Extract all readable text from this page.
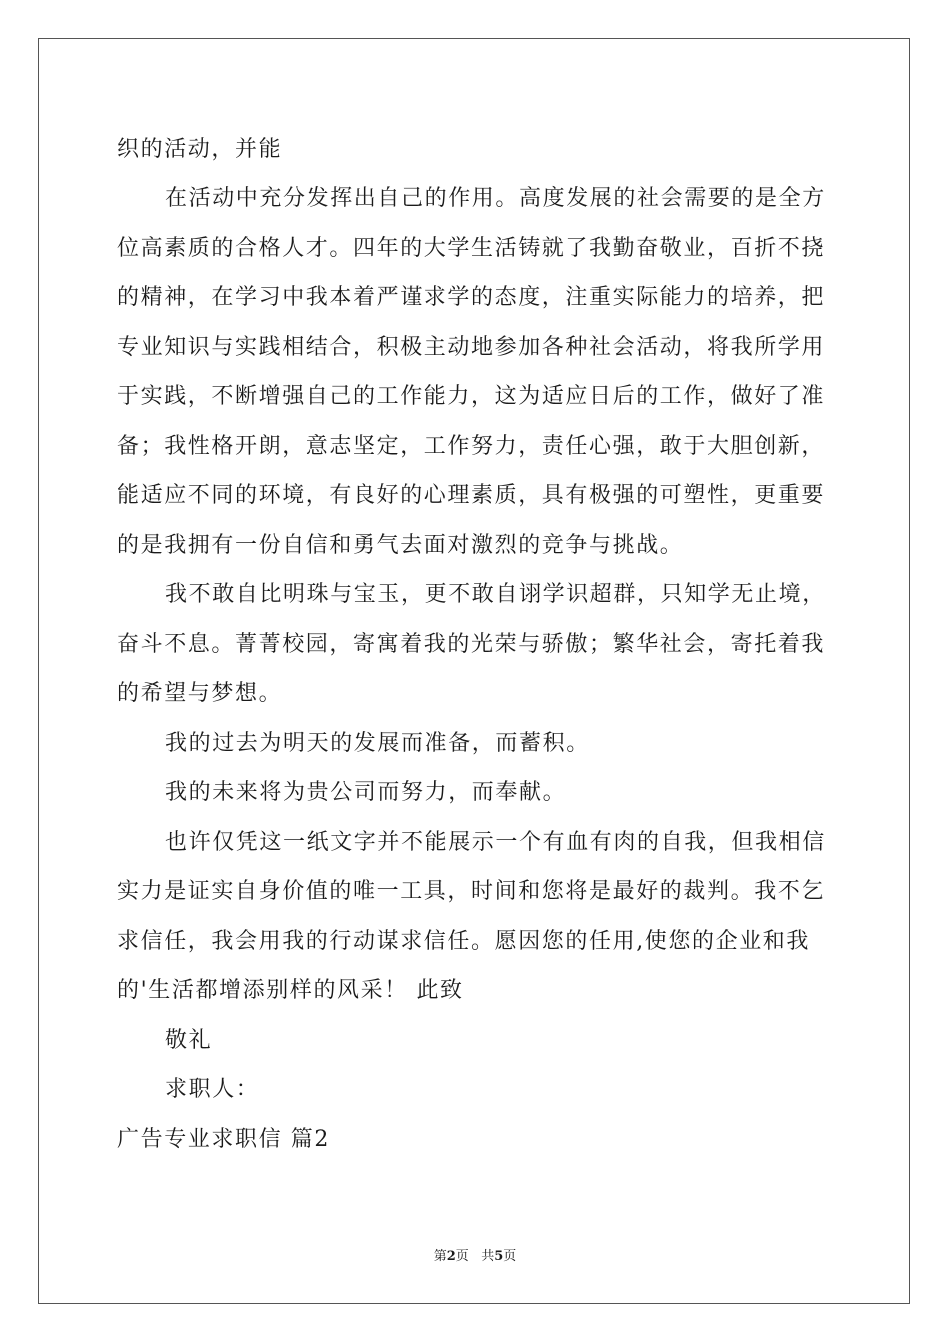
织的活动，并能
在活动中充分发挥出自己的作用。高度发展的社会需要的是全方
位高素质的合格人才。四年的大学生活铸就了我勤奋敬业，百折不挠
的精神，在学习中我本着严谨求学的态度，注重实际能力的培养，把
专业知识与实践相结合，积极主动地参加各种社会活动，将我所学用
于实践，不断增强自己的工作能力，这为适应日后的工作，做好了准
备；我性格开朗，意志坚定，工作努力，责任心强，敢于大胆创新，
能适应不同的环境，有良好的心理素质，具有极强的可塑性，更重要
的是我拥有一份自信和勇气去面对激烈的竞争与挑战。
我不敢自比明珠与宝玉，更不敢自诩学识超群，只知学无止境，
奋斗不息。菁菁校园，寄寓着我的光荣与骄傲；繁华社会，寄托着我
的希望与梦想。
我的过去为明天的发展而准备，而蓄积。
我的未来将为贵公司而努力，而奉献。
也许仅凭这一纸文字并不能展示一个有血有肉的自我，但我相信
实力是证实自身价值的唯一工具，时间和您将是最好的裁判。我不乞
求信任，我会用我的行动谋求信任。愿因您的任用,使您的企业和我
的'生活都增添别样的风采！ 此致
敬礼
求职人：
广告专业求职信 篇2
第2页 共5页
